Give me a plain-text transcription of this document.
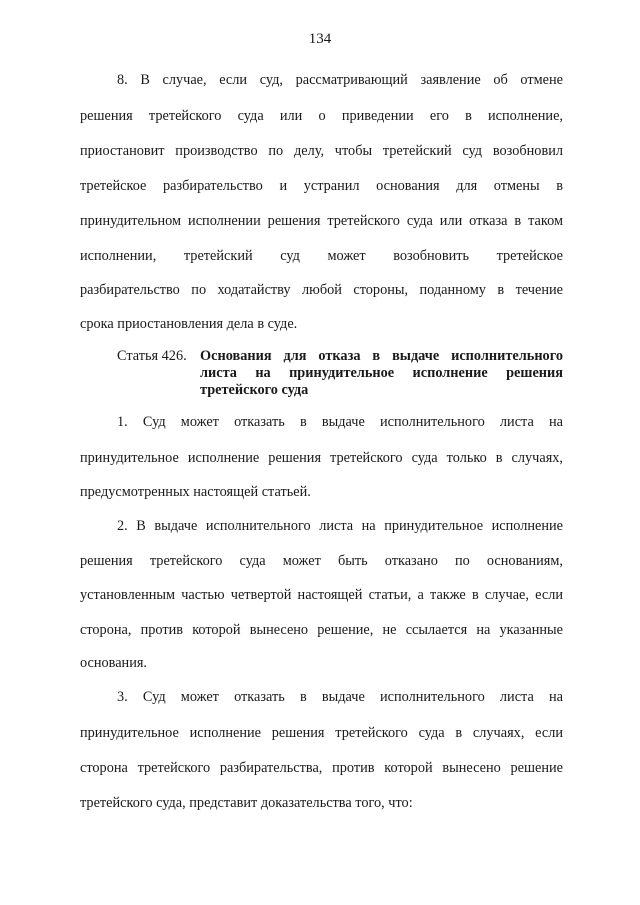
134
8. В случае, если суд, рассматривающий заявление об отмене
решения третейского суда или о приведении его в исполнение,
приостановит производство по делу, чтобы третейский суд возобновил
третейское разбирательство и устранил основания для отмены в
принудительном исполнении решения третейского суда или отказа в таком
исполнении, третейский суд может возобновить третейское
разбирательство по ходатайству любой стороны, поданному в течение
срока приостановления дела в суде.
Статья 426. Основания для отказа в выдаче исполнительного
листа на принудительное исполнение решения
третейского суда
1. Суд может отказать в выдаче исполнительного листа на
принудительное исполнение решения третейского суда только в случаях,
предусмотренных настоящей статьей.
2. В выдаче исполнительного листа на принудительное исполнение
решения третейского суда может быть отказано по основаниям,
установленным частью четвертой настоящей статьи, а также в случае, если
сторона, против которой вынесено решение, не ссылается на указанные
основания.
3. Суд может отказать в выдаче исполнительного листа на
принудительное исполнение решения третейского суда в случаях, если
сторона третейского разбирательства, против которой вынесено решение
третейского суда, представит доказательства того, что:
